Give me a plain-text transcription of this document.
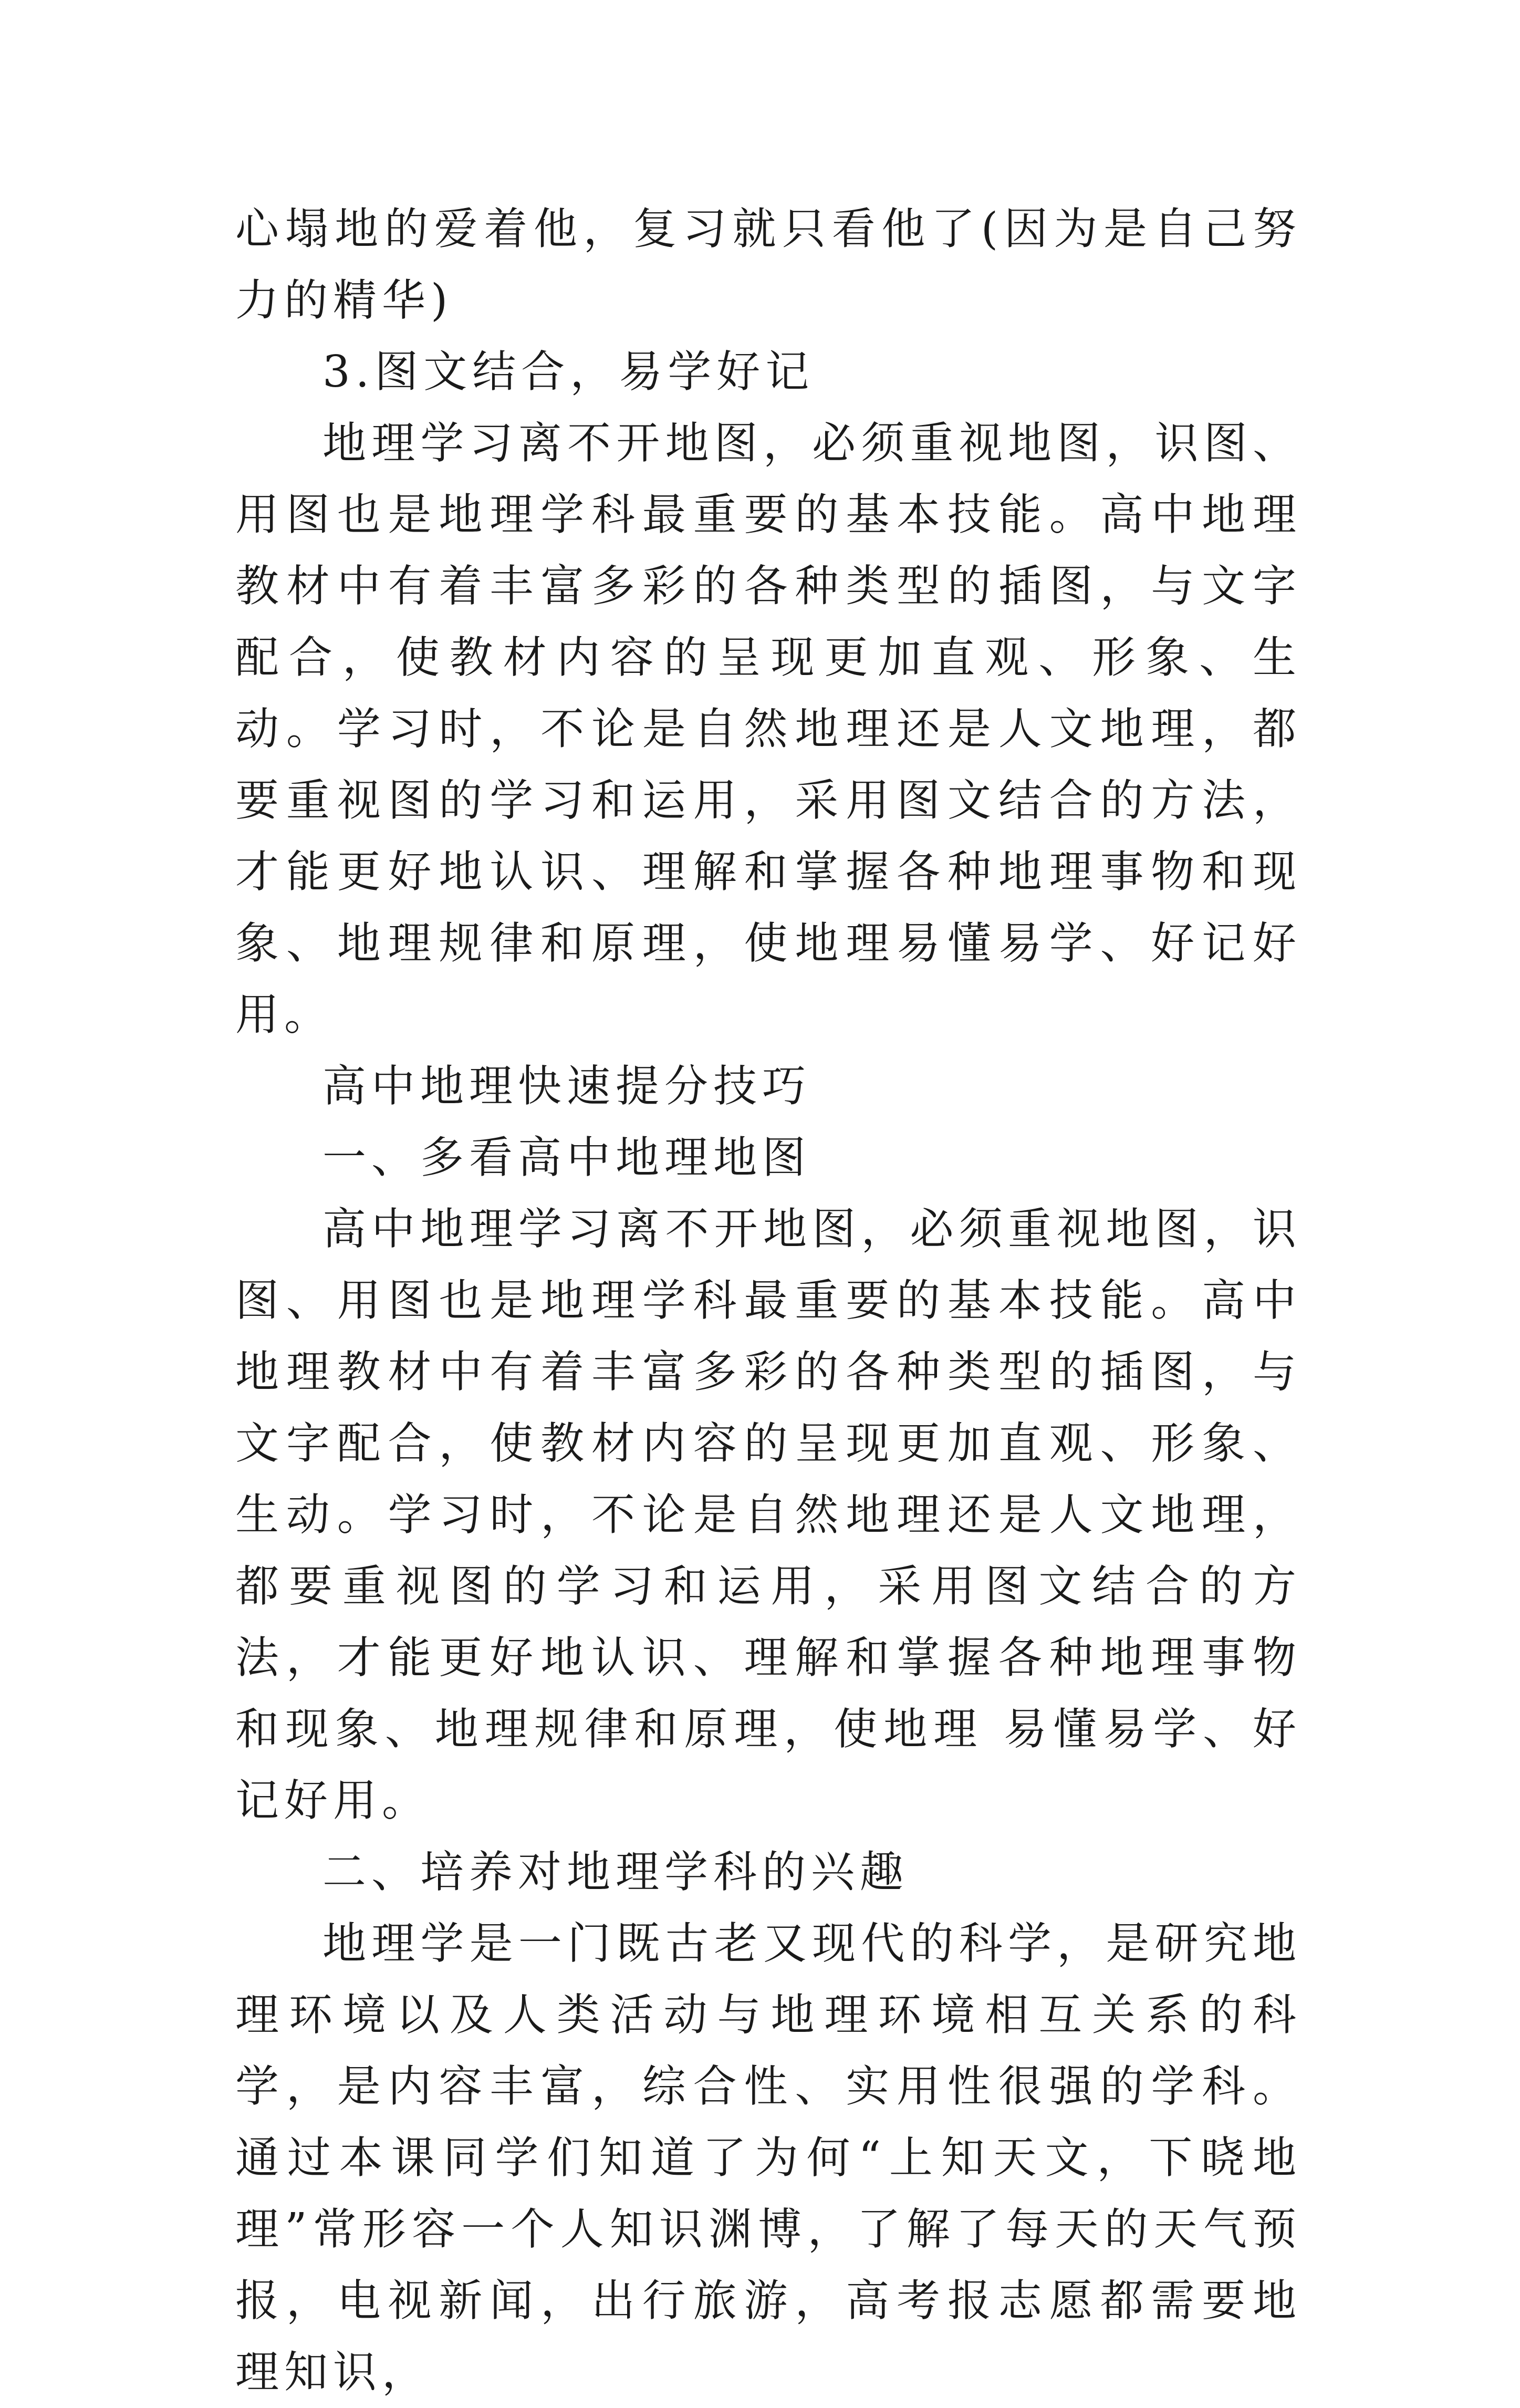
心塌地的爱着他，复习就只看他了(因为是自己努力的精华)

3.图文结合，易学好记

地理学习离不开地图，必须重视地图，识图、用图也是地理学科最重要的基本技能。高中地理教材中有着丰富多彩的各种类型的插图，与文字配合，使教材内容的呈现更加直观、形象、生动。学习时，不论是自然地理还是人文地理，都要重视图的学习和运用，采用图文结合的方法，才能更好地认识、理解和掌握各种地理事物和现象、地理规律和原理，使地理易懂易学、好记好用。

高中地理快速提分技巧

一、多看高中地理地图

高中地理学习离不开地图，必须重视地图，识图、用图也是地理学科最重要的基本技能。高中地理教材中有着丰富多彩的各种类型的插图，与文字配合，使教材内容的呈现更加直观、形象、生动。学习时，不论是自然地理还是人文地理，都要重视图的学习和运用，采用图文结合的方法，才能更好地认识、理解和掌握各种地理事物和现象、地理规律和原理，使地理 易懂易学、好记好用。

二、培养对地理学科的兴趣

地理学是一门既古老又现代的科学，是研究地理环境以及人类活动与地理环境相互关系的科学，是内容丰富，综合性、实用性很强的学科。通过本课同学们知道了为何“上知天文，下晓地理”常形容一个人知识渊博，了解了每天的天气预报，电视新闻，出行旅游，高考报志愿都需要地理知识，
